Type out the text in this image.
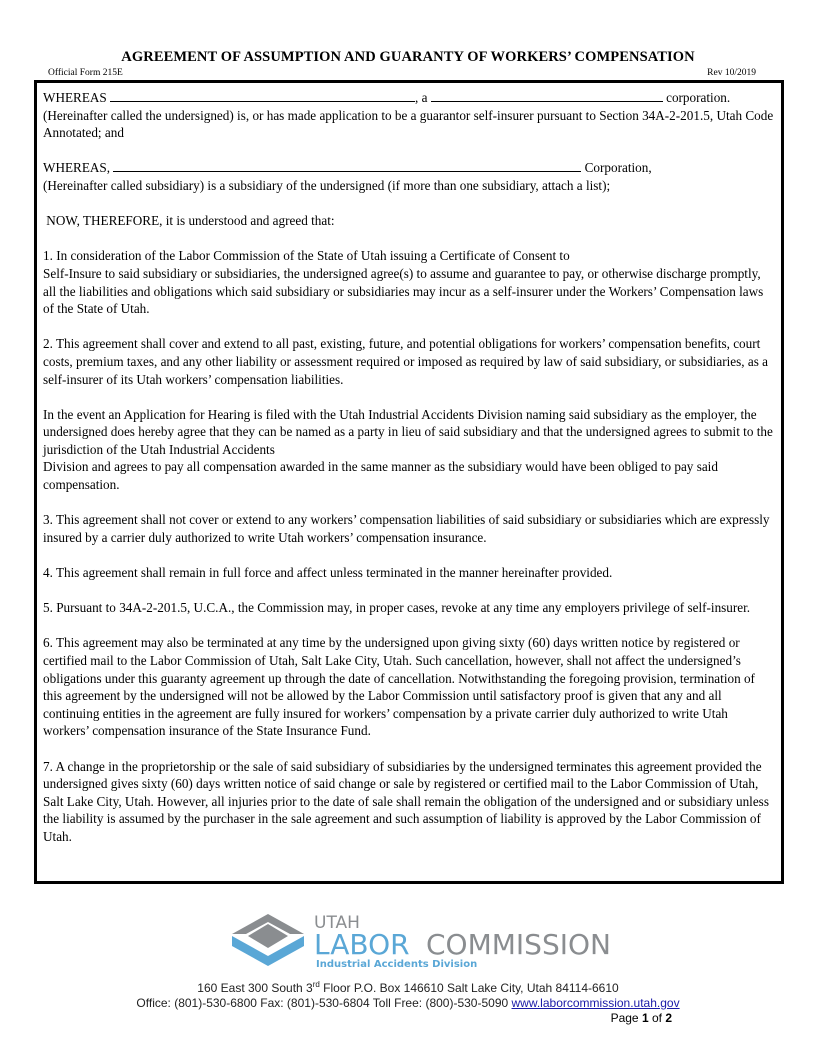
AGREEMENT OF ASSUMPTION AND GUARANTY OF WORKERS’ COMPENSATION
Official Form 215E	Rev 10/2019

WHEREAS	, a	corporation.
(Hereinafter called the undersigned) is, or has made application to be a guarantor self-insurer pursuant to Section 34A-2-201.5, Utah Code Annotated; and

WHEREAS,	Corporation,
(Hereinafter called subsidiary) is a subsidiary of the undersigned (if more than one subsidiary, attach a list);

NOW, THEREFORE, it is understood and agreed that:

1. In consideration of the Labor Commission of the State of Utah issuing a Certificate of Consent to
Self-Insure to said subsidiary or subsidiaries, the undersigned agree(s) to assume and guarantee to pay, or otherwise discharge promptly, all the liabilities and obligations which said subsidiary or subsidiaries may incur as a self-insurer under the Workers’ Compensation laws of the State of Utah.

2. This agreement shall cover and extend to all past, existing, future, and potential obligations for workers’ compensation benefits, court costs, premium taxes, and any other liability or assessment required or imposed as required by law of said subsidiary, or subsidiaries, as a self-insurer of its Utah workers’ compensation liabilities.

In the event an Application for Hearing is filed with the Utah Industrial Accidents Division naming said subsidiary as the employer, the undersigned does hereby agree that they can be named as a party in lieu of said subsidiary and that the undersigned agrees to submit to the jurisdiction of the Utah Industrial Accidents
Division and agrees to pay all compensation awarded in the same manner as the subsidiary would have been obliged to pay said compensation.

3. This agreement shall not cover or extend to any workers’ compensation liabilities of said subsidiary or subsidiaries which are expressly insured by a carrier duly authorized to write Utah workers’ compensation insurance.

4. This agreement shall remain in full force and affect unless terminated in the manner hereinafter provided.

5. Pursuant to 34A-2-201.5, U.C.A., the Commission may, in proper cases, revoke at any time any employers privilege of self-insurer.

6. This agreement may also be terminated at any time by the undersigned upon giving sixty (60) days written notice by registered or certified mail to the Labor Commission of Utah, Salt Lake City, Utah. Such cancellation, however, shall not affect the undersigned’s obligations under this guaranty agreement up through the date of cancellation. Notwithstanding the foregoing provision, termination of this agreement by the undersigned will not be allowed by the Labor Commission until satisfactory proof is given that any and all continuing entities in the agreement are fully insured for workers’ compensation by a private carrier duly authorized to write Utah workers’ compensation insurance of the State Insurance Fund.

7. A change in the proprietorship or the sale of said subsidiary of subsidiaries by the undersigned terminates this agreement provided the undersigned gives sixty (60) days written notice of said change or sale by registered or certified mail to the Labor Commission of Utah, Salt Lake City, Utah. However, all injuries prior to the date of sale shall remain the obligation of the undersigned and or subsidiary unless the liability is assumed by the purchaser in the sale agreement and such assumption of liability is approved by the Labor Commission of Utah.

UTAH
LABOR COMMISSION
Industrial Accidents Division
160 East 300 South 3rd Floor P.O. Box 146610 Salt Lake City, Utah 84114-6610
Office: (801)-530-6800 Fax: (801)-530-6804 Toll Free: (800)-530-5090 www.laborcommission.utah.gov
Page 1 of 2
